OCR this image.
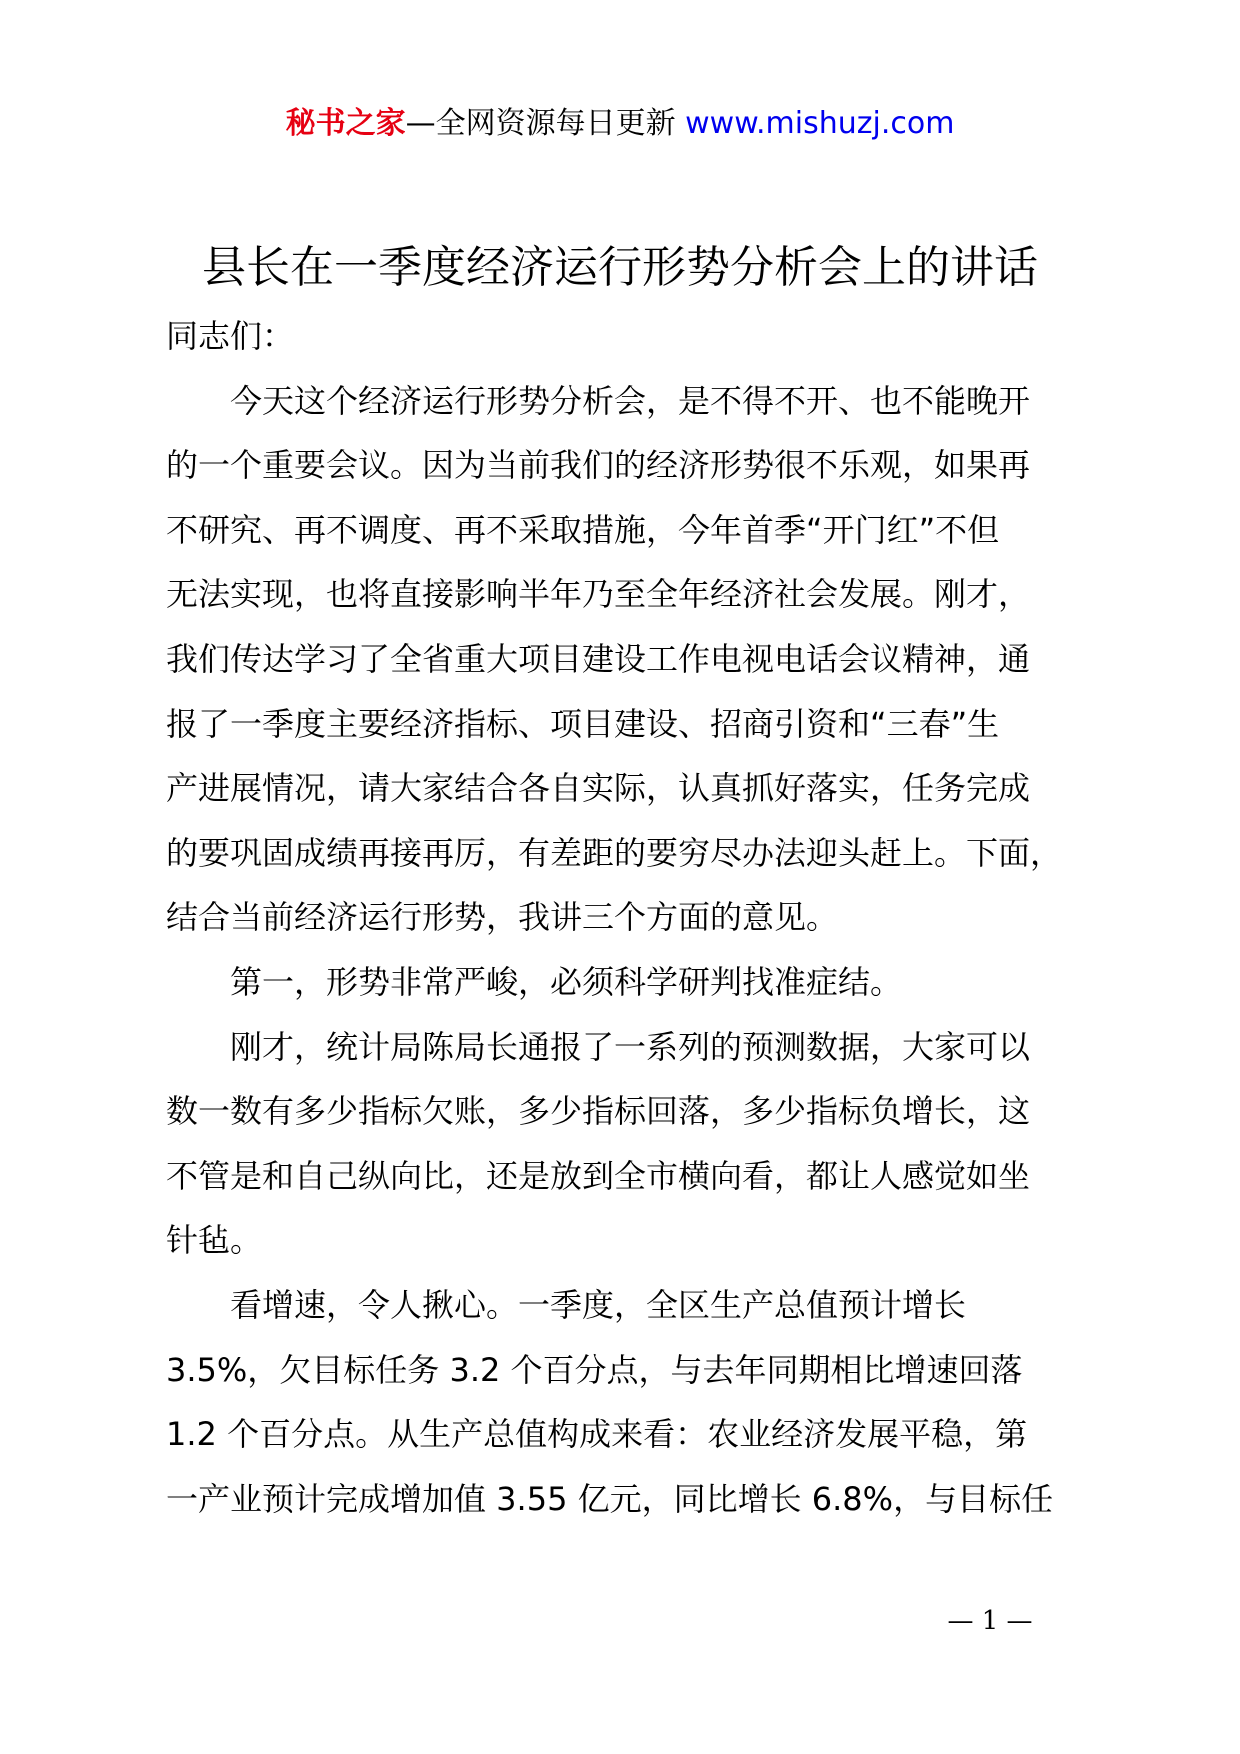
秘书之家—全网资源每日更新 www.mishuzj.com
县长在一季度经济运行形势分析会上的讲话
同志们：
今天这个经济运行形势分析会，是不得不开、也不能晚开
的一个重要会议。因为当前我们的经济形势很不乐观，如果再
不研究、再不调度、再不采取措施，今年首季“开门红”不但
无法实现，也将直接影响半年乃至全年经济社会发展。刚才，
我们传达学习了全省重大项目建设工作电视电话会议精神，通
报了一季度主要经济指标、项目建设、招商引资和“三春”生
产进展情况，请大家结合各自实际，认真抓好落实，任务完成
的要巩固成绩再接再厉，有差距的要穷尽办法迎头赶上。下面，
结合当前经济运行形势，我讲三个方面的意见。
第一，形势非常严峻，必须科学研判找准症结。
刚才，统计局陈局长通报了一系列的预测数据，大家可以
数一数有多少指标欠账，多少指标回落，多少指标负增长，这
不管是和自己纵向比，还是放到全市横向看，都让人感觉如坐
针毡。
看增速，令人揪心。一季度，全区生产总值预计增长
3.5%，欠目标任务 3.2 个百分点，与去年同期相比增速回落
1.2 个百分点。从生产总值构成来看：农业经济发展平稳，第
一产业预计完成增加值 3.55 亿元，同比增长 6.8%，与目标任
— 1 —
